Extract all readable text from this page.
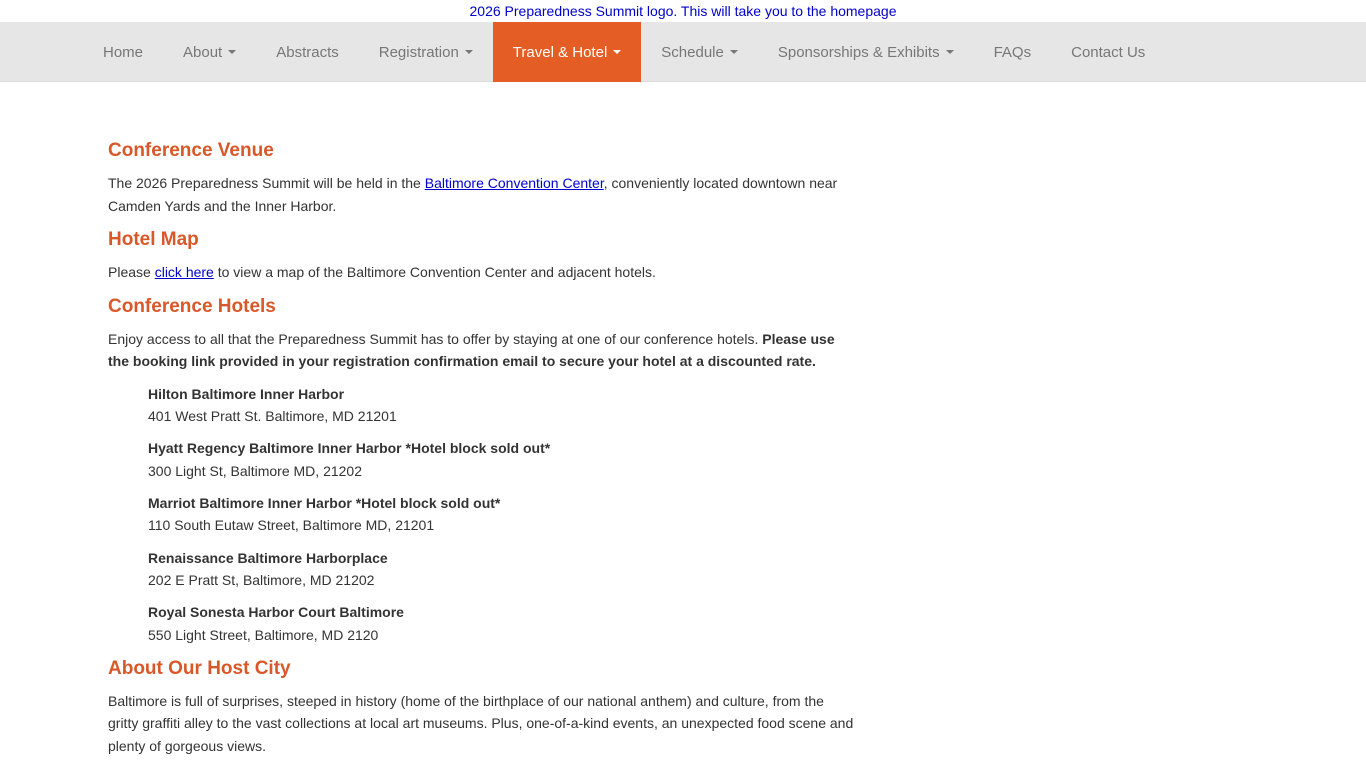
2026 Preparedness Summit logo. This will take you to the homepage
Home	About	Abstracts	Registration	Travel & Hotel	Schedule	Sponsorships & Exhibits	FAQs	Contact Us
Conference Venue

The 2026 Preparedness Summit will be held in the Baltimore Convention Center, conveniently located downtown near Camden Yards and the Inner Harbor.

Hotel Map

Please click here to view a map of the Baltimore Convention Center and adjacent hotels.

Conference Hotels

Enjoy access to all that the Preparedness Summit has to offer by staying at one of our conference hotels. Please use the booking link provided in your registration confirmation email to secure your hotel at a discounted rate.

Hilton Baltimore Inner Harbor
401 West Pratt St. Baltimore, MD 21201
Hyatt Regency Baltimore Inner Harbor *Hotel block sold out*
300 Light St, Baltimore MD, 21202
Marriot Baltimore Inner Harbor *Hotel block sold out*
110 South Eutaw Street, Baltimore MD, 21201
Renaissance Baltimore Harborplace
202 E Pratt St, Baltimore, MD 21202
Royal Sonesta Harbor Court Baltimore
550 Light Street, Baltimore, MD 2120
About Our Host City

Baltimore is full of surprises, steeped in history (home of the birthplace of our national anthem) and culture, from the gritty graffiti alley to the vast collections at local art museums. Plus, one-of-a-kind events, an unexpected food scene and plenty of gorgeous views.
